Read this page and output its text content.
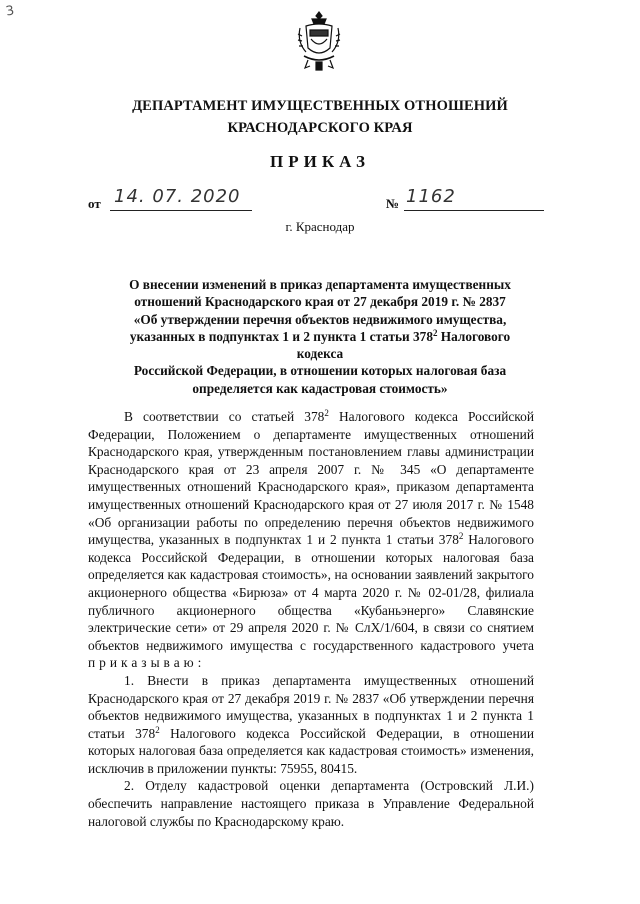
3
ДЕПАРТАМЕНТ ИМУЩЕСТВЕННЫХ ОТНОШЕНИЙ
КРАСНОДАРСКОГО КРАЯ
ПРИКАЗ
от 14. 07. 2020	№ 1162
г. Краснодар
О внесении изменений в приказ департамента имущественных
отношений Краснодарского края от 27 декабря 2019 г. № 2837
«Об утверждении перечня объектов недвижимого имущества,
указанных в подпунктах 1 и 2 пункта 1 статьи $378^2$ Налогового кодекса
Российской Федерации, в отношении которых налоговая база
определяется как кадастровая стоимость»

В соответствии со статьей $378^2$ Налогового кодекса Российской Федерации, Положением о департаменте имущественных отношений Краснодарского края, утвержденным постановлением главы администрации Краснодарского края от 23 апреля 2007 г. № 345 «О департаменте имущественных отношений Краснодарского края», приказом департамента имущественных отношений Краснодарского края от 27 июля 2017 г. № 1548 «Об организации работы по определению перечня объектов недвижимого имущества, указанных в подпунктах 1 и 2 пункта 1 статьи $378^2$ Налогового кодекса Российской Федерации, в отношении которых налоговая база определяется как кадастровая стоимость», на основании заявлений закрытого акционерного общества «Бирюза» от 4 марта 2020 г. № 02-01/28, филиала публичного акционерного общества «Кубаньэнерго» Славянские электрические сети» от 29 апреля 2020 г. № СлХ/1/604, в связи со снятием объектов недвижимого имущества с государственного кадастрового учета приказываю:

1. Внести в приказ департамента имущественных отношений Краснодарского края от 27 декабря 2019 г. № 2837 «Об утверждении перечня объектов недвижимого имущества, указанных в подпунктах 1 и 2 пункта 1 статьи $378^2$ Налогового кодекса Российской Федерации, в отношении которых налоговая база определяется как кадастровая стоимость» изменения, исключив в приложении пункты: 75955, 80415.

2. Отделу кадастровой оценки департамента (Островский Л.И.) обеспечить направление настоящего приказа в Управление Федеральной налоговой службы по Краснодарскому краю.
